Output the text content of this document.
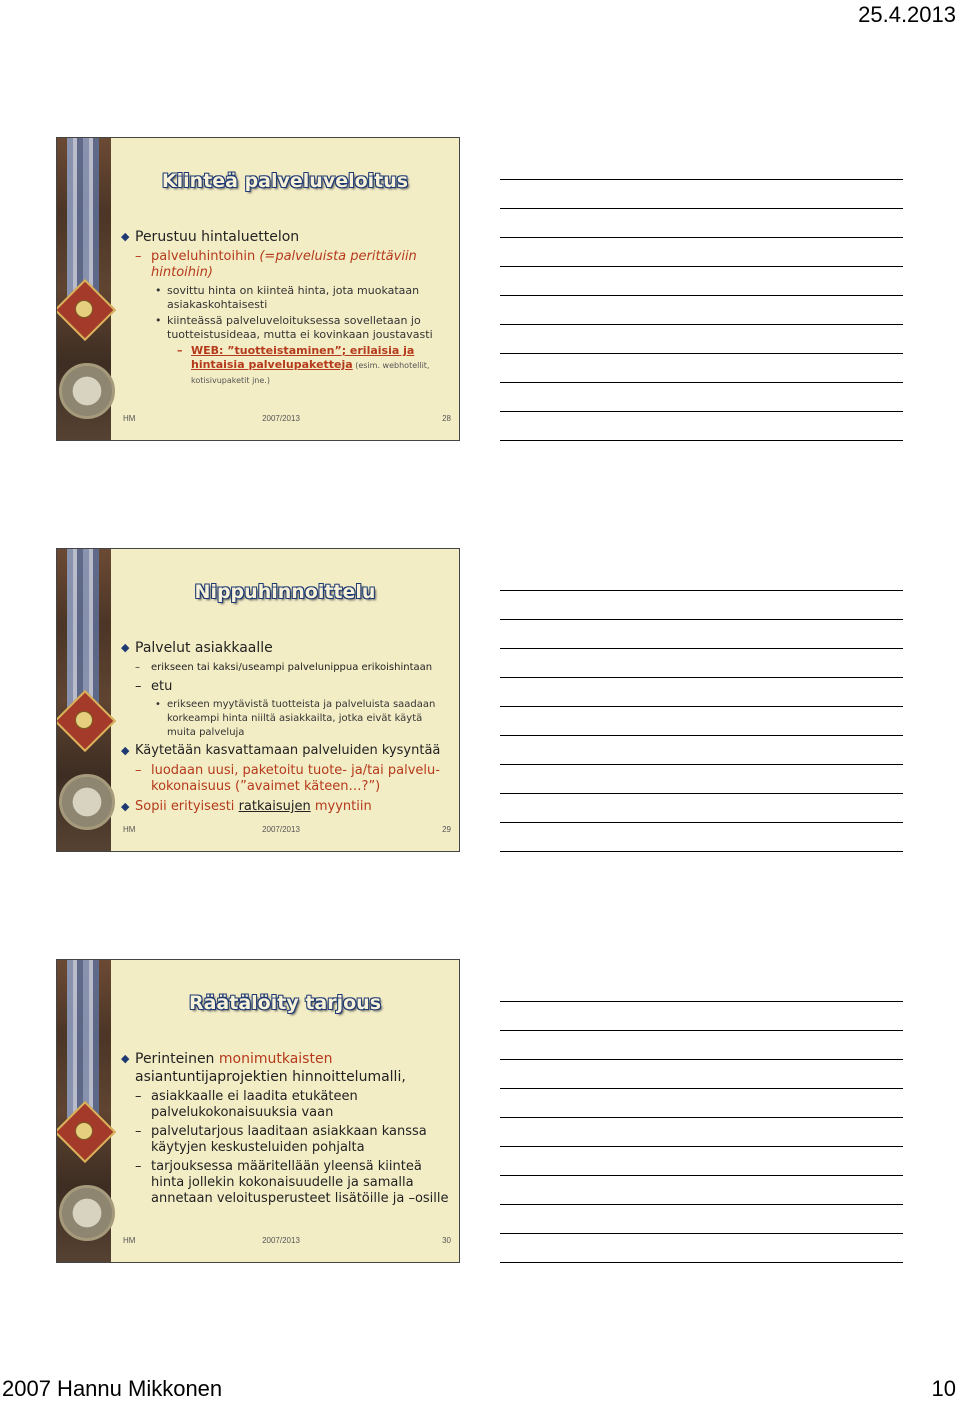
25.4.2013
Kiinteä palveluveloitus
◆ Perustuu hintaluettelon
– palveluhintoihin (=palveluista perittäviin hintoihin)
• sovittu hinta on kiinteä hinta, jota muokataan asiakaskohtaisesti
• kiinteässä palveluveloituksessa sovelletaan jo tuotteistusideaa, mutta ei kovinkaan joustavasti
– WEB: ”tuotteistaminen”; erilaisia ja hintaisia palvelupaketteja (esim. webhotellit, kotisivupaketit jne.)
HM	2007/2013	28
Nippuhinnoittelu
◆ Palvelut asiakkaalle
– erikseen tai kaksi/useampi palvelunippua erikoishintaan
– etu
• erikseen myytävistä tuotteista ja palveluista saadaan korkeampi hinta niiltä asiakkailta, jotka eivät käytä muita palveluja
◆ Käytetään kasvattamaan palveluiden kysyntää
– luodaan uusi, paketoitu tuote- ja/tai palvelu-kokonaisuus (”avaimet käteen…?”)
◆ Sopii erityisesti ratkaisujen myyntiin
HM	2007/2013	29
Räätälöity tarjous
◆ Perinteinen monimutkaisten asiantuntijaprojektien hinnoittelumalli,
– asiakkaalle ei laadita etukäteen palvelukokonaisuuksia vaan
– palvelutarjous laaditaan asiakkaan kanssa käytyjen keskusteluiden pohjalta
– tarjouksessa määritellään yleensä kiinteä hinta jollekin kokonaisuudelle ja samalla annetaan veloitusperusteet lisätöille ja –osille
HM	2007/2013	30
2007 Hannu Mikkonen	10
